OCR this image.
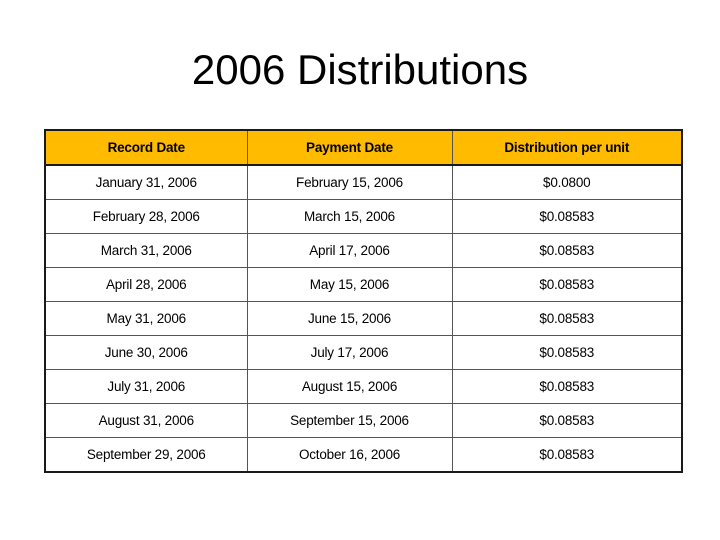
2006 Distributions
Record Date	Payment Date	Distribution per unit
January 31, 2006	February 15, 2006	$0.0800
February 28, 2006	March 15, 2006	$0.08583
March 31, 2006	April 17, 2006	$0.08583
April 28, 2006	May 15, 2006	$0.08583
May 31, 2006	June 15, 2006	$0.08583
June 30, 2006	July 17, 2006	$0.08583
July 31, 2006	August 15, 2006	$0.08583
August 31, 2006	September 15, 2006	$0.08583
September 29, 2006	October 16, 2006	$0.08583
